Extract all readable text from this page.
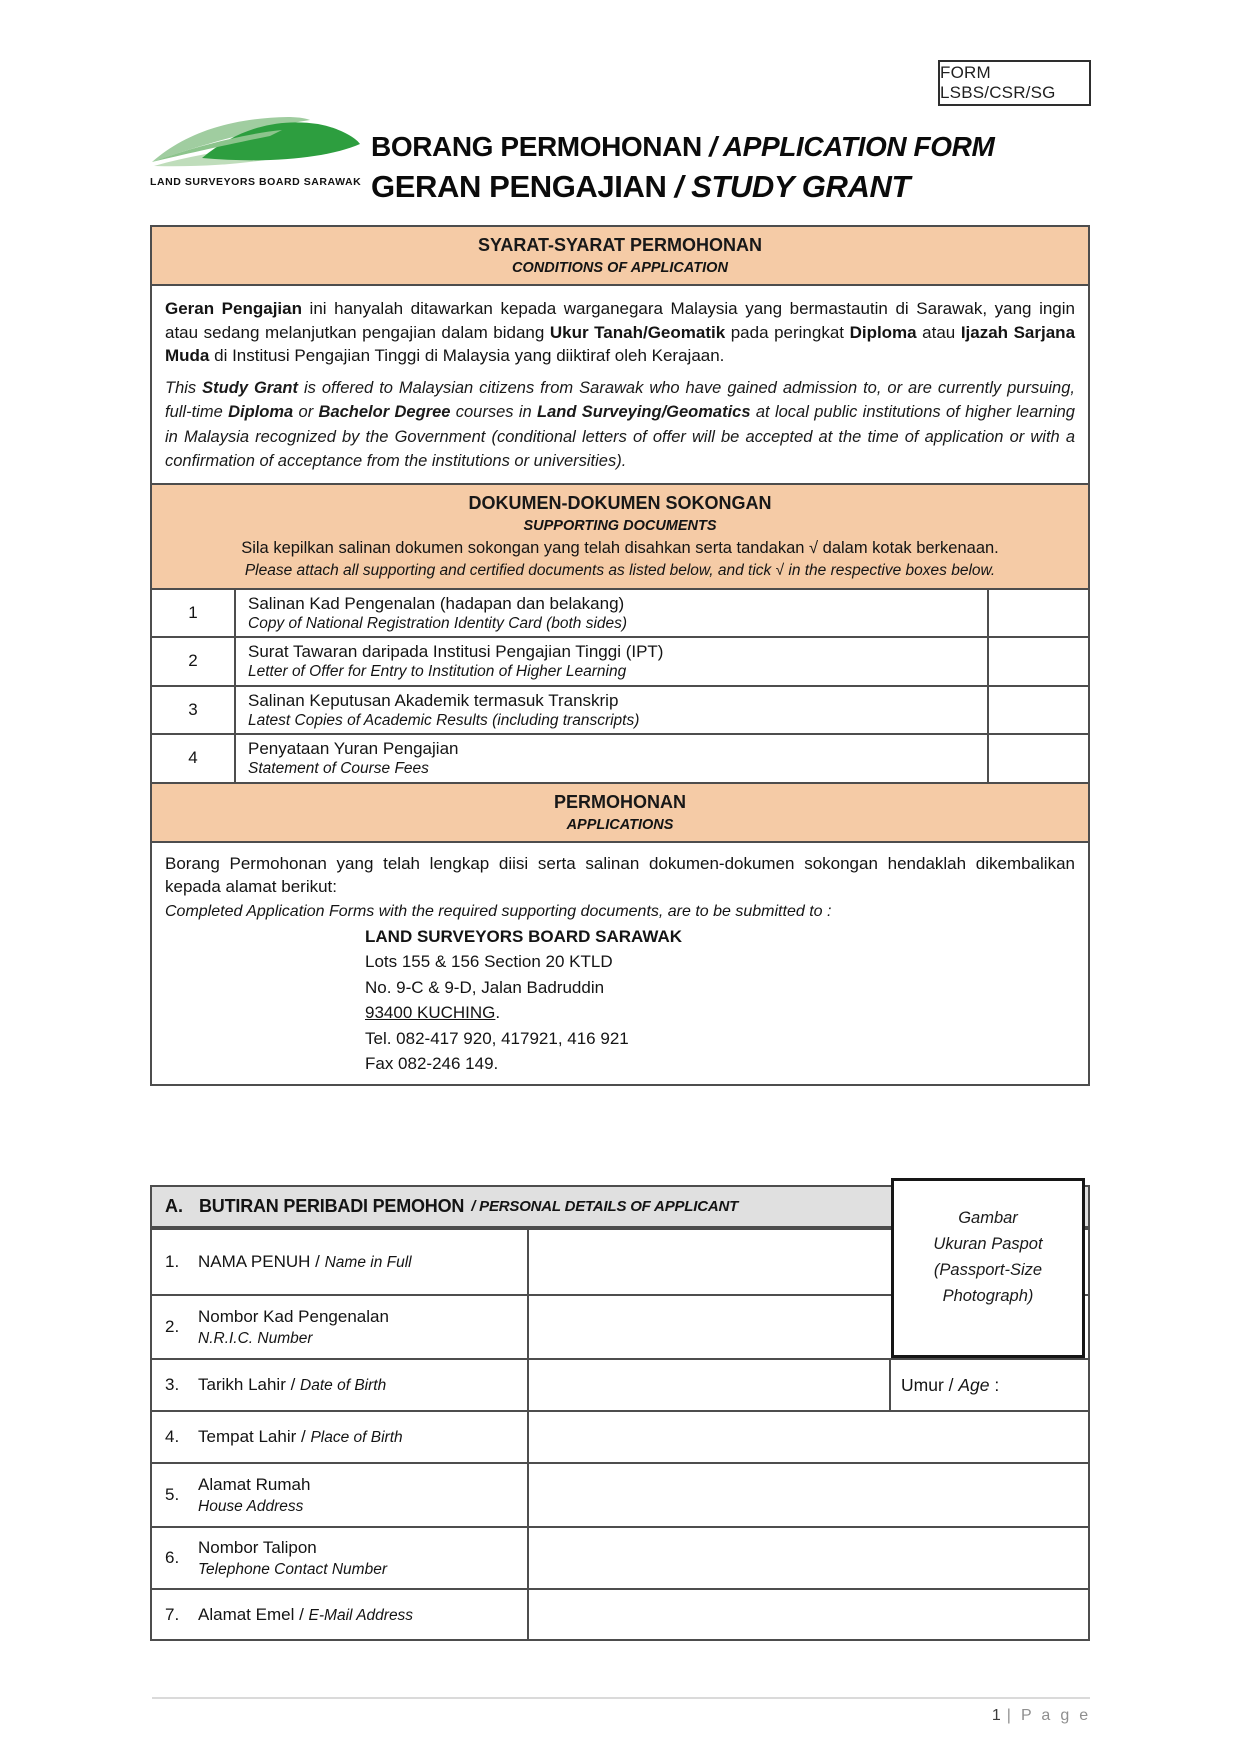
FORM LSBS/CSR/SG
LAND SURVEYORS BOARD SARAWAK
BORANG PERMOHONAN / APPLICATION FORM
GERAN PENGAJIAN / STUDY GRANT
SYARAT-SYARAT PERMOHONAN
CONDITIONS OF APPLICATION

Geran Pengajian ini hanyalah ditawarkan kepada warganegara Malaysia yang bermastautin di Sarawak, yang ingin atau sedang melanjutkan pengajian dalam bidang Ukur Tanah/Geomatik pada peringkat Diploma atau Ijazah Sarjana Muda di Institusi Pengajian Tinggi di Malaysia yang diiktiraf oleh Kerajaan.

This Study Grant is offered to Malaysian citizens from Sarawak who have gained admission to, or are currently pursuing, full-time Diploma or Bachelor Degree courses in Land Surveying/Geomatics at local public institutions of higher learning in Malaysia recognized by the Government (conditional letters of offer will be accepted at the time of application or with a confirmation of acceptance from the institutions or universities).

DOKUMEN-DOKUMEN SOKONGAN
SUPPORTING DOCUMENTS
Sila kepilkan salinan dokumen sokongan yang telah disahkan serta tandakan √ dalam kotak berkenaan.
Please attach all supporting and certified documents as listed below, and tick √ in the respective boxes below.
1	Salinan Kad Pengenalan (hadapan dan belakang)
Copy of National Registration Identity Card (both sides)
2	Surat Tawaran daripada Institusi Pengajian Tinggi (IPT)
Letter of Offer for Entry to Institution of Higher Learning
3	Salinan Keputusan Akademik termasuk Transkrip
Latest Copies of Academic Results (including transcripts)
4	Penyataan Yuran Pengajian
Statement of Course Fees
PERMOHONAN
APPLICATIONS

Borang Permohonan yang telah lengkap diisi serta salinan dokumen-dokumen sokongan hendaklah dikembalikan kepada alamat berikut:

Completed Application Forms with the required supporting documents, are to be submitted to :

LAND SURVEYORS BOARD SARAWAK
Lots 155 & 156 Section 20 KTLD
No. 9-C & 9-D, Jalan Badruddin
93400 KUCHING.
Tel. 082-417 920, 417921, 416 921
Fax 082-246 149.
A. BUTIRAN PERIBADI PEMOHON / PERSONAL DETAILS OF APPLICANT
1.	NAMA PENUH / Name in Full
2.
Nombor Kad Pengenalan
N.R.I.C. Number
3.	Tarikh Lahir / Date of Birth	Umur / Age :
4.	Tempat Lahir / Place of Birth
5.
Alamat Rumah
House Address
6.
Nombor Talipon
Telephone Contact Number
7.	Alamat Emel / E-Mail Address
Gambar
Ukuran Paspot
(Passport-Size
Photograph)
1 | P a g e
